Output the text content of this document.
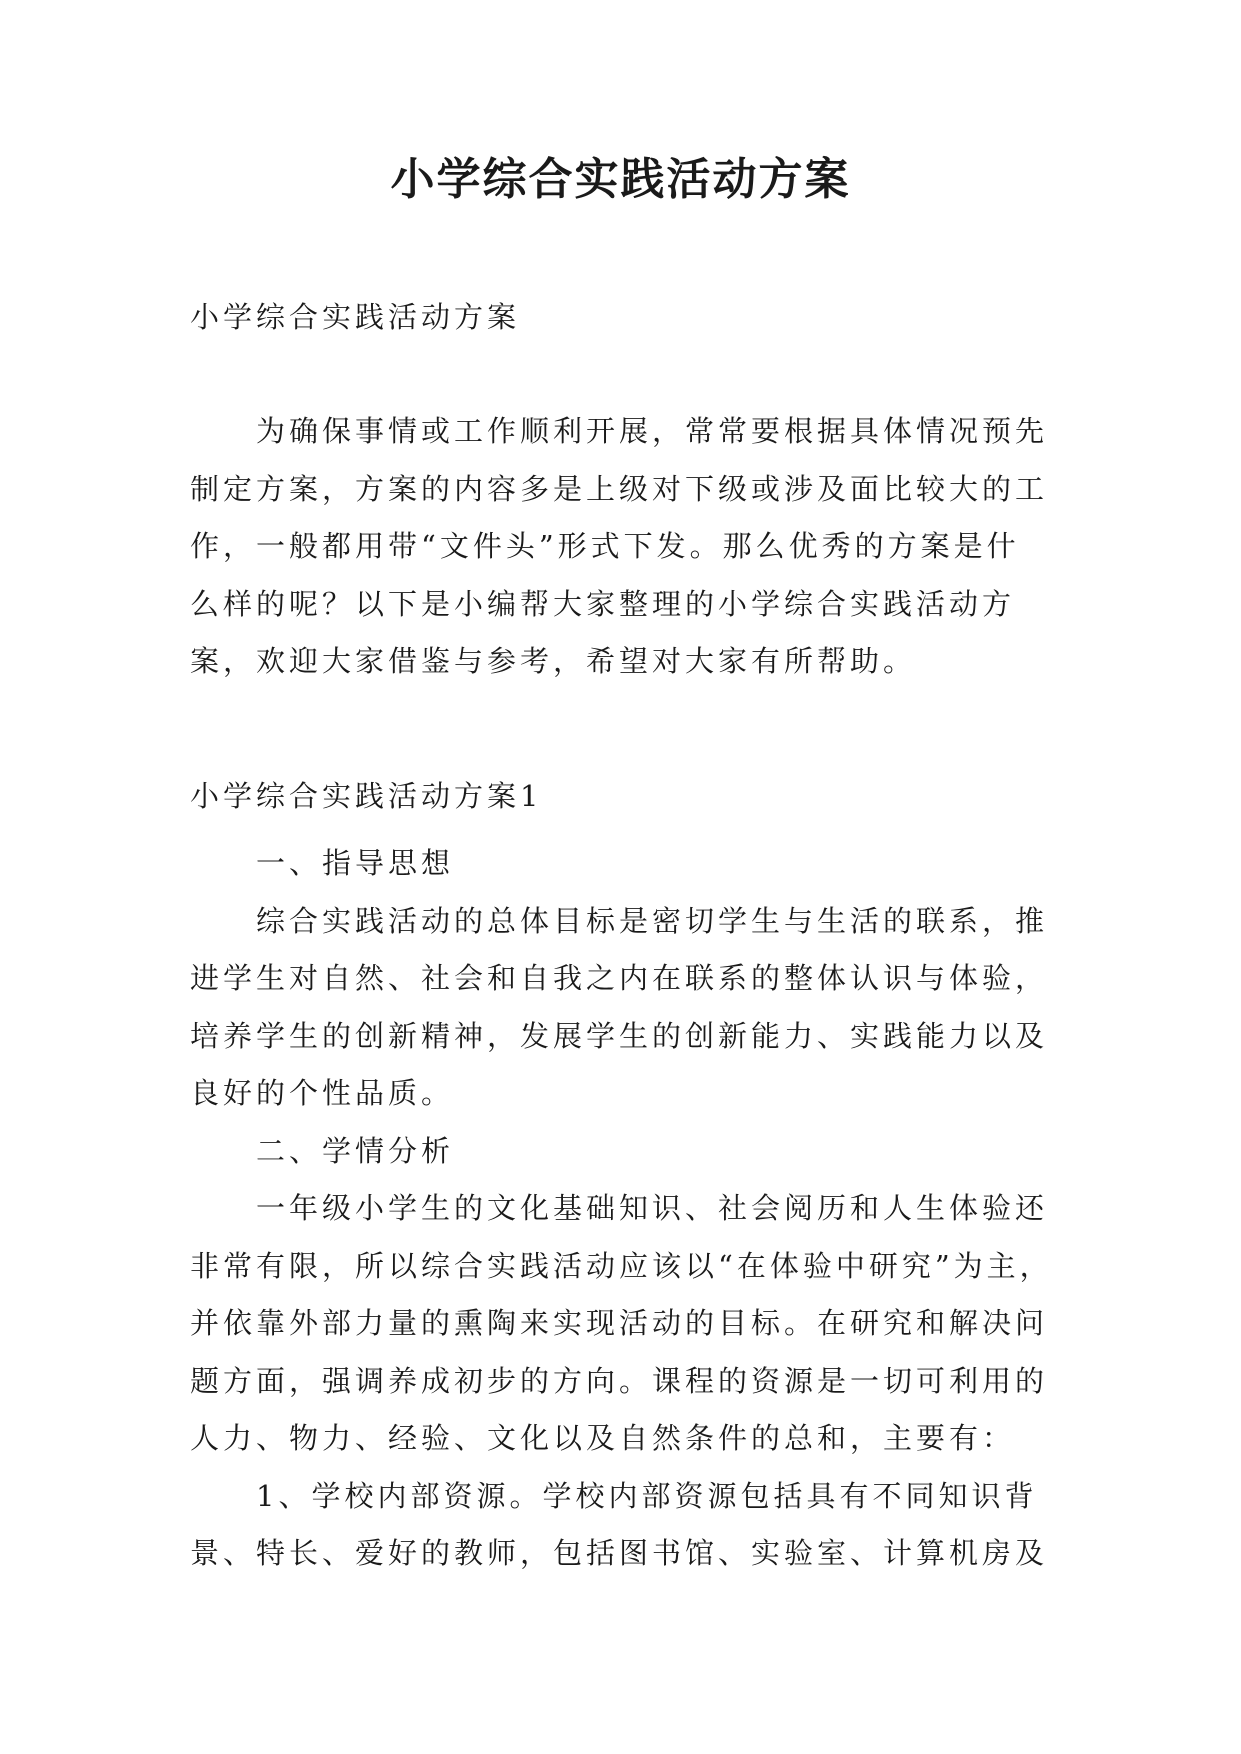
小学综合实践活动方案

小学综合实践活动方案

为确保事情或工作顺利开展，常常要根据具体情况预先
制定方案，方案的内容多是上级对下级或涉及面比较大的工
作，一般都用带“文件头”形式下发。那么优秀的方案是什
么样的呢？以下是小编帮大家整理的小学综合实践活动方
案，欢迎大家借鉴与参考，希望对大家有所帮助。

小学综合实践活动方案1

一、指导思想
综合实践活动的总体目标是密切学生与生活的联系，推
进学生对自然、社会和自我之内在联系的整体认识与体验，
培养学生的创新精神，发展学生的创新能力、实践能力以及
良好的个性品质。
二、学情分析
一年级小学生的文化基础知识、社会阅历和人生体验还
非常有限，所以综合实践活动应该以“在体验中研究”为主，
并依靠外部力量的熏陶来实现活动的目标。在研究和解决问
题方面，强调养成初步的方向。课程的资源是一切可利用的
人力、物力、经验、文化以及自然条件的总和，主要有：
1、学校内部资源。学校内部资源包括具有不同知识背
景、特长、爱好的教师，包括图书馆、实验室、计算机房及
